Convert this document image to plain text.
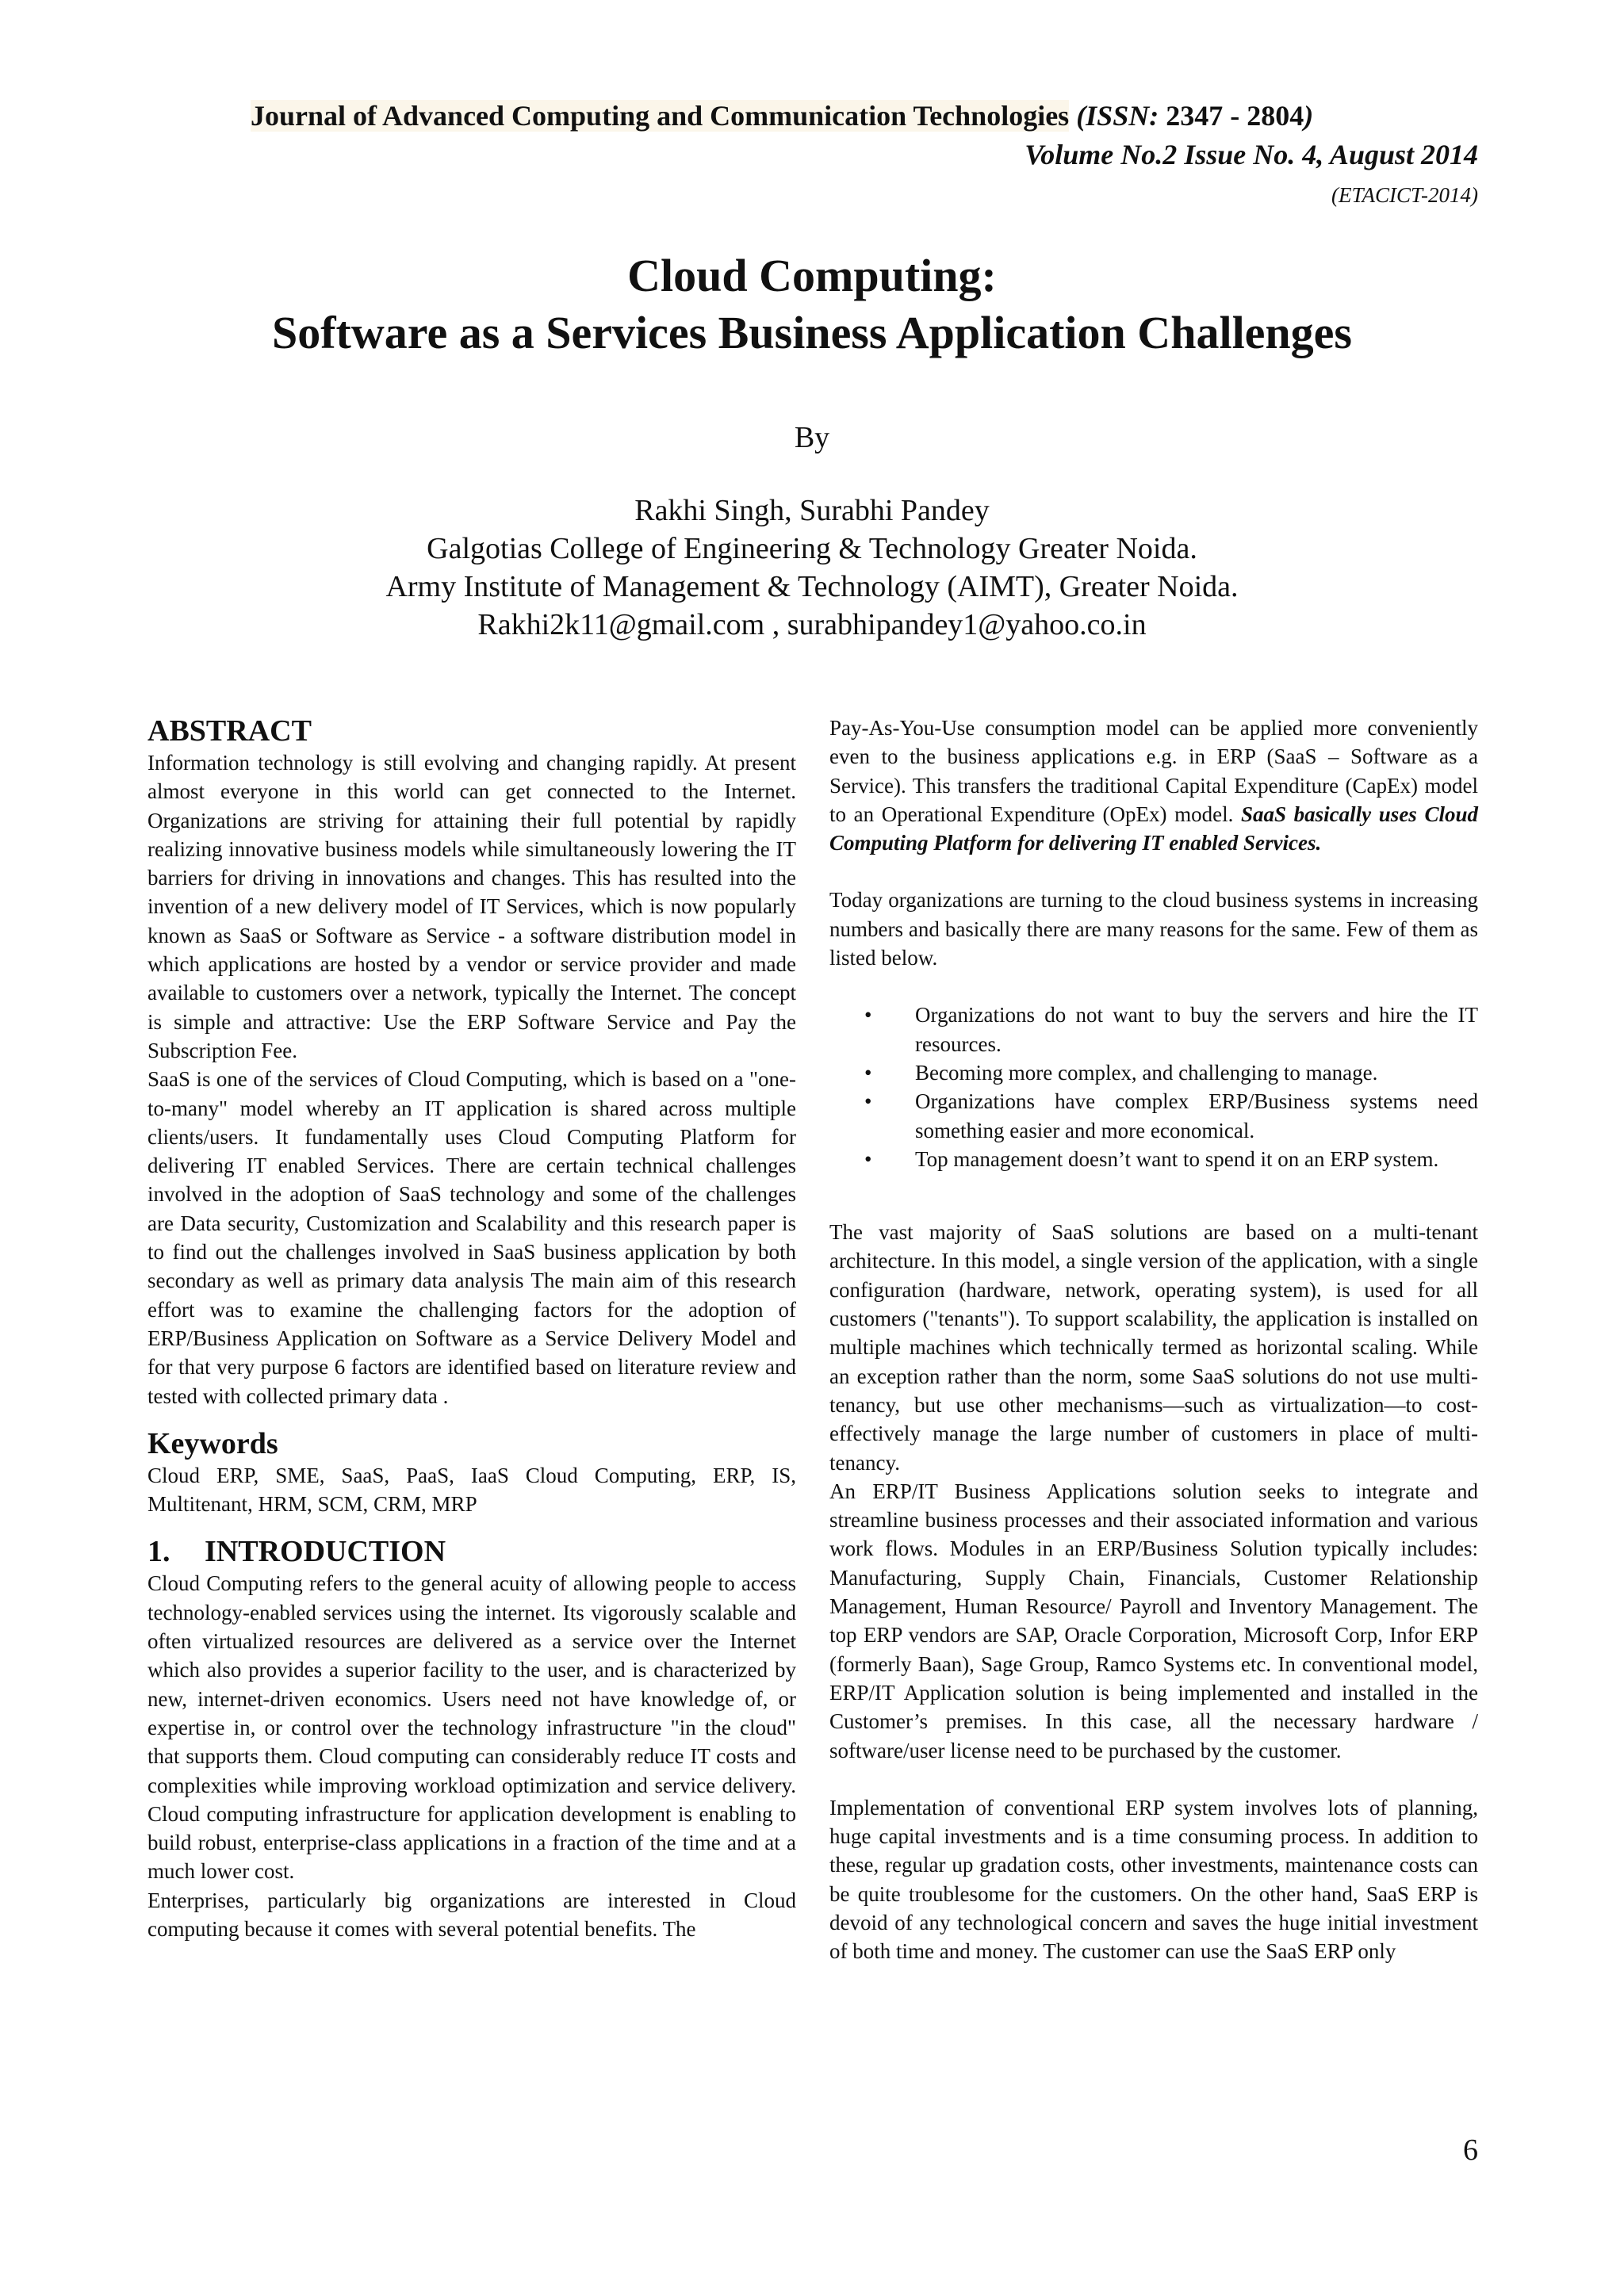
Journal of Advanced Computing and Communication Technologies (ISSN: 2347 - 2804)
Volume No.2 Issue No. 4, August 2014
(ETACICT-2014)
Cloud Computing:
Software as a Services Business Application Challenges
By
Rakhi Singh, Surabhi Pandey
Galgotias College of Engineering & Technology Greater Noida.
Army Institute of Management & Technology (AIMT), Greater Noida.
Rakhi2k11@gmail.com , surabhipandey1@yahoo.co.in

ABSTRACT

Information technology is still evolving and changing rapidly. At present almost everyone in this world can get connected to the Internet. Organizations are striving for attaining their full potential by rapidly realizing innovative business models while simultaneously lowering the IT barriers for driving in innovations and changes. This has resulted into the invention of a new delivery model of IT Services, which is now popularly known as SaaS or Software as Service - a software distribution model in which applications are hosted by a vendor or service provider and made available to customers over a network, typically the Internet. The concept is simple and attractive: Use the ERP Software Service and Pay the Subscription Fee.

SaaS is one of the services of Cloud Computing, which is based on a "one-to-many" model whereby an IT application is shared across multiple clients/users. It fundamentally uses Cloud Computing Platform for delivering IT enabled Services. There are certain technical challenges involved in the adoption of SaaS technology and some of the challenges are Data security, Customization and Scalability and this research paper is to find out the challenges involved in SaaS business application by both secondary as well as primary data analysis The main aim of this research effort was to examine the challenging factors for the adoption of ERP/Business Application on Software as a Service Delivery Model and for that very purpose 6 factors are identified based on literature review and tested with collected primary data .

Keywords

Cloud ERP, SME, SaaS, PaaS, IaaS Cloud Computing, ERP, IS, Multitenant, HRM, SCM, CRM, MRP

1. INTRODUCTION

Cloud Computing refers to the general acuity of allowing people to access technology-enabled services using the internet. Its vigorously scalable and often virtualized resources are delivered as a service over the Internet which also provides a superior facility to the user, and is characterized by new, internet-driven economics. Users need not have knowledge of, or expertise in, or control over the technology infrastructure "in the cloud" that supports them. Cloud computing can considerably reduce IT costs and complexities while improving workload optimization and service delivery. Cloud computing infrastructure for application development is enabling to build robust, enterprise-class applications in a fraction of the time and at a much lower cost.

Enterprises, particularly big organizations are interested in Cloud computing because it comes with several potential benefits. The

Pay-As-You-Use consumption model can be applied more conveniently even to the business applications e.g. in ERP (SaaS – Software as a Service). This transfers the traditional Capital Expenditure (CapEx) model to an Operational Expenditure (OpEx) model. SaaS basically uses Cloud Computing Platform for delivering IT enabled Services.

Today organizations are turning to the cloud business systems in increasing numbers and basically there are many reasons for the same. Few of them as listed below.

• Organizations do not want to buy the servers and hire the IT resources.
• Becoming more complex, and challenging to manage.
• Organizations have complex ERP/Business systems need something easier and more economical.
• Top management doesn’t want to spend it on an ERP system.

The vast majority of SaaS solutions are based on a multi-tenant architecture. In this model, a single version of the application, with a single configuration (hardware, network, operating system), is used for all customers ("tenants"). To support scalability, the application is installed on multiple machines which technically termed as horizontal scaling. While an exception rather than the norm, some SaaS solutions do not use multi-tenancy, but use other mechanisms—such as virtualization—to cost-effectively manage the large number of customers in place of multi-tenancy.

An ERP/IT Business Applications solution seeks to integrate and streamline business processes and their associated information and various work flows. Modules in an ERP/Business Solution typically includes: Manufacturing, Supply Chain, Financials, Customer Relationship Management, Human Resource/ Payroll and Inventory Management. The top ERP vendors are SAP, Oracle Corporation, Microsoft Corp, Infor ERP (formerly Baan), Sage Group, Ramco Systems etc. In conventional model, ERP/IT Application solution is being implemented and installed in the Customer’s premises. In this case, all the necessary hardware / software/user license need to be purchased by the customer.

Implementation of conventional ERP system involves lots of planning, huge capital investments and is a time consuming process. In addition to these, regular up gradation costs, other investments, maintenance costs can be quite troublesome for the customers. On the other hand, SaaS ERP is devoid of any technological concern and saves the huge initial investment of both time and money. The customer can use the SaaS ERP only

6
